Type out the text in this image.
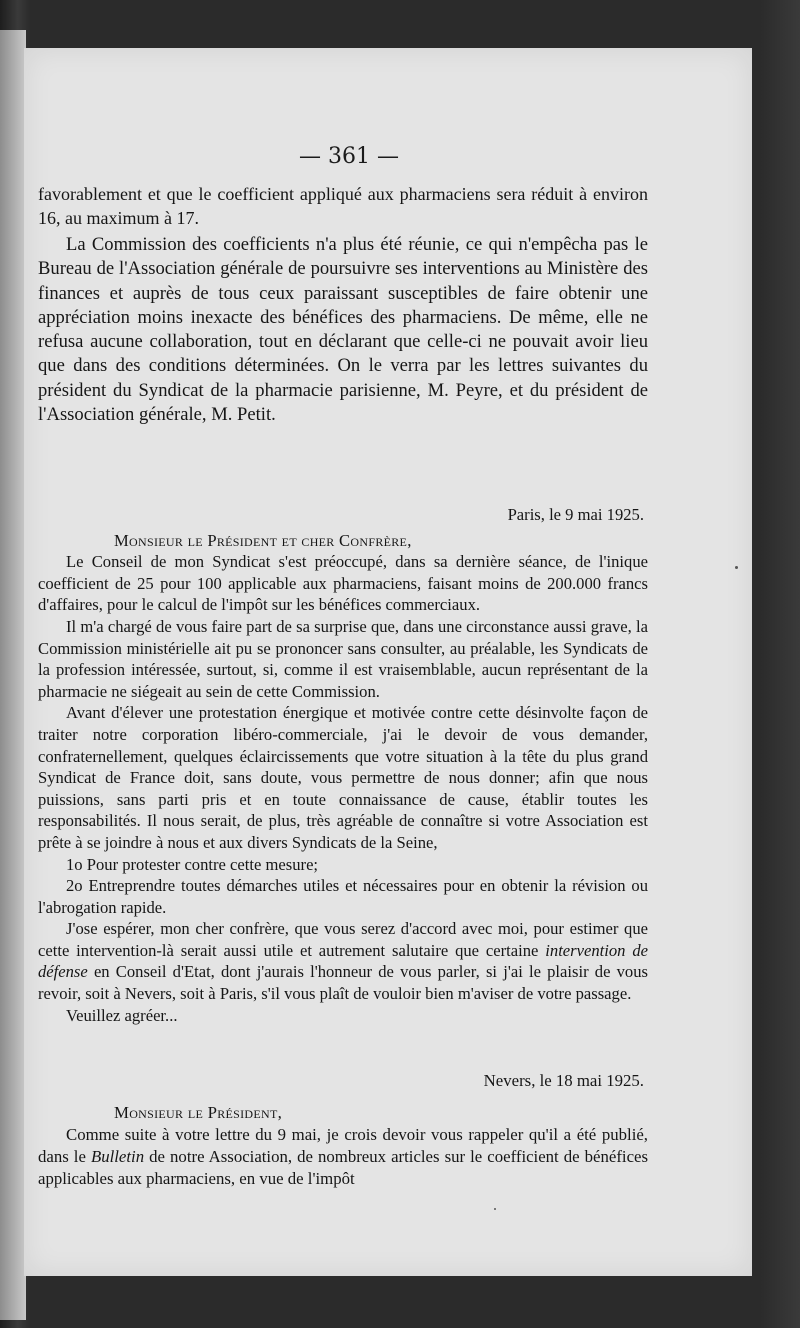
— 361 —

favorablement et que le coefficient appliqué aux pharmaciens sera réduit à environ 16, au maximum à 17.

La Commission des coefficients n'a plus été réunie, ce qui n'empêcha pas le Bureau de l'Association générale de poursuivre ses interventions au Ministère des finances et auprès de tous ceux paraissant susceptibles de faire obtenir une appréciation moins inexacte des bénéfices des pharmaciens. De même, elle ne refusa aucune collaboration, tout en déclarant que celle-ci ne pouvait avoir lieu que dans des conditions déterminées. On le verra par les lettres suivantes du président du Syndicat de la pharmacie parisienne, M. Peyre, et du président de l'Association générale, M. Petit.

Paris, le 9 mai 1925.

Monsieur le Président et cher Confrère,

Le Conseil de mon Syndicat s'est préoccupé, dans sa dernière séance, de l'inique coefficient de 25 pour 100 applicable aux pharmaciens, faisant moins de 200.000 francs d'affaires, pour le calcul de l'impôt sur les bénéfices commerciaux.

Il m'a chargé de vous faire part de sa surprise que, dans une circonstance aussi grave, la Commission ministérielle ait pu se prononcer sans consulter, au préalable, les Syndicats de la profession intéressée, surtout, si, comme il est vraisemblable, aucun représentant de la pharmacie ne siégeait au sein de cette Commission.

Avant d'élever une protestation énergique et motivée contre cette désinvolte façon de traiter notre corporation libéro-commerciale, j'ai le devoir de vous demander, confraternellement, quelques éclaircissements que votre situation à la tête du plus grand Syndicat de France doit, sans doute, vous permettre de nous donner; afin que nous puissions, sans parti pris et en toute connaissance de cause, établir toutes les responsabilités. Il nous serait, de plus, très agréable de connaître si votre Association est prête à se joindre à nous et aux divers Syndicats de la Seine,

1o Pour protester contre cette mesure;

2o Entreprendre toutes démarches utiles et nécessaires pour en obtenir la révision ou l'abrogation rapide.

J'ose espérer, mon cher confrère, que vous serez d'accord avec moi, pour estimer que cette intervention-là serait aussi utile et autrement salutaire que certaine intervention de défense en Conseil d'Etat, dont j'aurais l'honneur de vous parler, si j'ai le plaisir de vous revoir, soit à Nevers, soit à Paris, s'il vous plaît de vouloir bien m'aviser de votre passage.

Veuillez agréer...

Nevers, le 18 mai 1925.

Monsieur le Président,

Comme suite à votre lettre du 9 mai, je crois devoir vous rappeler qu'il a été publié, dans le Bulletin de notre Association, de nombreux articles sur le coefficient de bénéfices applicables aux pharmaciens, en vue de l'impôt
